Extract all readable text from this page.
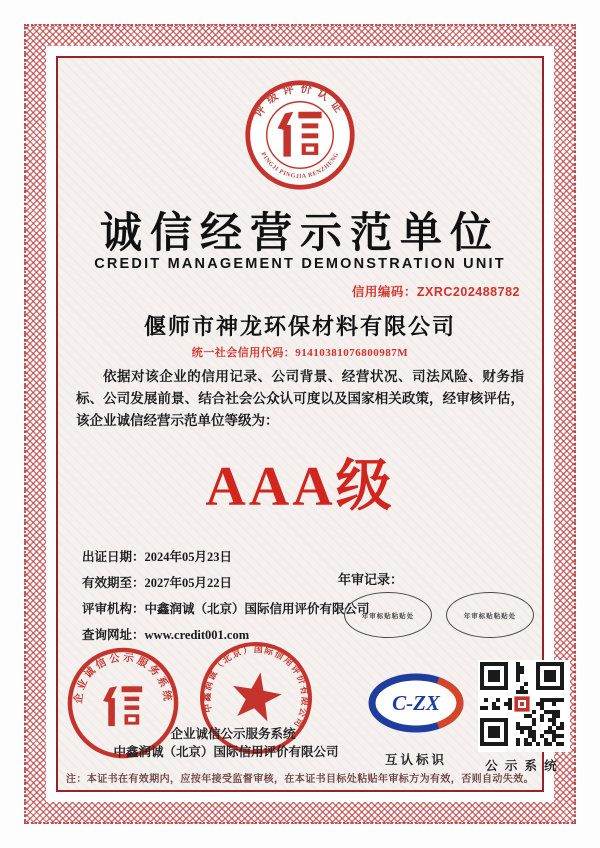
评级评价认证
PINGJI PINGJIA RENZHENG
诚信经营示范单位
CREDIT MANAGEMENT DEMONSTRATION UNIT
信用编码：ZXRC202488782
偃师市神龙环保材料有限公司
统一社会信用代码：91410381076800987M
依据对该企业的信用记录、公司背景、经营状况、司法风险、财务指标、公司发展前景、结合社会公众认可度以及国家相关政策，经审核评估，该企业诚信经营示范单位等级为：
AAA级
出证日期：2024年05月23日
有效期至：2027年05月22日
评审机构：中鑫润诚（北京）国际信用评价有限公司
查询网址：www.credit001.com
年审记录：
年审标贴粘贴处	年审标贴粘贴处
企业诚信公示服务系统
中鑫润诚（北京）国际信用评价有限公司
企业诚信公示服务系统
中鑫润诚（北京）国际信用评价有限公司
C-ZX
互认标识	公 示 系 统
注：本证书在有效期内，应按年接受监督审核，在本证书目标处粘贴年审标方为有效，否则自动失效。
